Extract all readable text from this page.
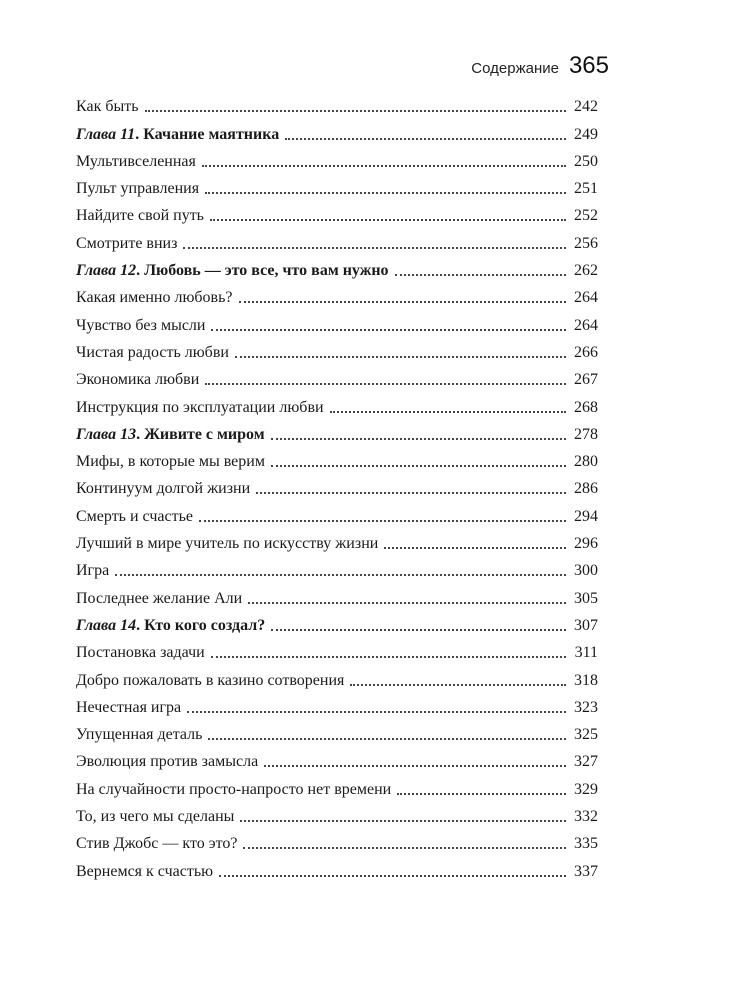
Содержание 365
Как быть	242
Глава 11. Качание маятника	249
Мультивселенная	250
Пульт управления	251
Найдите свой путь	252
Смотрите вниз	256
Глава 12. Любовь — это все, что вам нужно	262
Какая именно любовь?	264
Чувство без мысли	264
Чистая радость любви	266
Экономика любви	267
Инструкция по эксплуатации любви	268
Глава 13. Живите с миром	278
Мифы, в которые мы верим	280
Континуум долгой жизни	286
Смерть и счастье	294
Лучший в мире учитель по искусству жизни	296
Игра	300
Последнее желание Али	305
Глава 14. Кто кого создал?	307
Постановка задачи	311
Добро пожаловать в казино сотворения	318
Нечестная игра	323
Упущенная деталь	325
Эволюция против замысла	327
На случайности просто-напросто нет времени	329
То, из чего мы сделаны	332
Стив Джобс — кто это?	335
Вернемся к счастью	337
